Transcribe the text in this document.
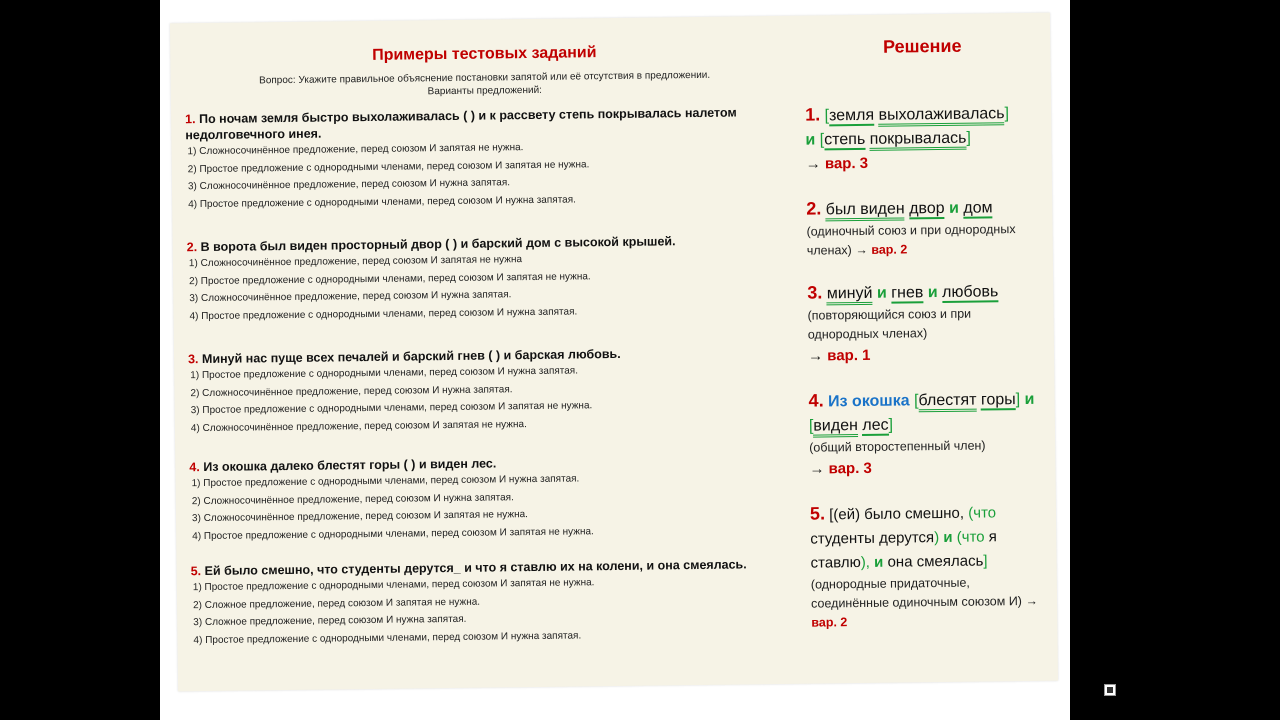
Примеры тестовых заданий
Вопрос: Укажите правильное объяснение постановки запятой или её отсутствия в предложении.
Варианты предложений:
1. По ночам земля быстро выхолаживалась ( ) и к рассвету степь покрывалась налетом недолговечного инея.
1) Сложносочинённое предложение, перед союзом И запятая не нужна.
2) Простое предложение с однородными членами, перед союзом И запятая не нужна.
3) Сложносочинённое предложение, перед союзом И нужна запятая.
4) Простое предложение с однородными членами, перед союзом И нужна запятая.
2. В ворота был виден просторный двор ( ) и барский дом с высокой крышей.
1) Сложносочинённое предложение, перед союзом И запятая не нужна
2) Простое предложение с однородными членами, перед союзом И запятая не нужна.
3) Сложносочинённое предложение, перед союзом И нужна запятая.
4) Простое предложение с однородными членами, перед союзом И нужна запятая.
3. Минуй нас пуще всех печалей и барский гнев ( ) и барская любовь.
1) Простое предложение с однородными членами, перед союзом И нужна запятая.
2) Сложносочинённое предложение, перед союзом И нужна запятая.
3) Простое предложение с однородными членами, перед союзом И запятая не нужна.
4) Сложносочинённое предложение, перед союзом И запятая не нужна.
4. Из окошка далеко блестят горы ( ) и виден лес.
1) Простое предложение с однородными членами, перед союзом И нужна запятая.
2) Сложносочинённое предложение, перед союзом И нужна запятая.
3) Сложносочинённое предложение, перед союзом И запятая не нужна.
4) Простое предложение с однородными членами, перед союзом И запятая не нужна.
5. Ей было смешно, что студенты дерутся_ и что я ставлю их на колени, и она смеялась.
1) Простое предложение с однородными членами, перед союзом И запятая не нужна.
2) Сложное предложение, перед союзом И запятая не нужна.
3) Сложное предложение, перед союзом И нужна запятая.
4) Простое предложение с однородными членами, перед союзом И нужна запятая.
Решение
1. [земля выхолаживалась]
и [степь покрывалась]
→ вар. 3
2. был виден двор и дом
(одиночный союз и при однородных членах) → вар. 2
3. минуй и гнев и любовь
(повторяющийся союз и при однородных членах)
→ вар. 1
4. Из окошка [блестят горы] и [виден лес]
(общий второстепенный член)
→ вар. 3
5. [(ей) было смешно, (что
студенты дерутся) и (что я
ставлю), и она смеялась]
(однородные придаточные, соединённые одиночным союзом И) → вар. 2
